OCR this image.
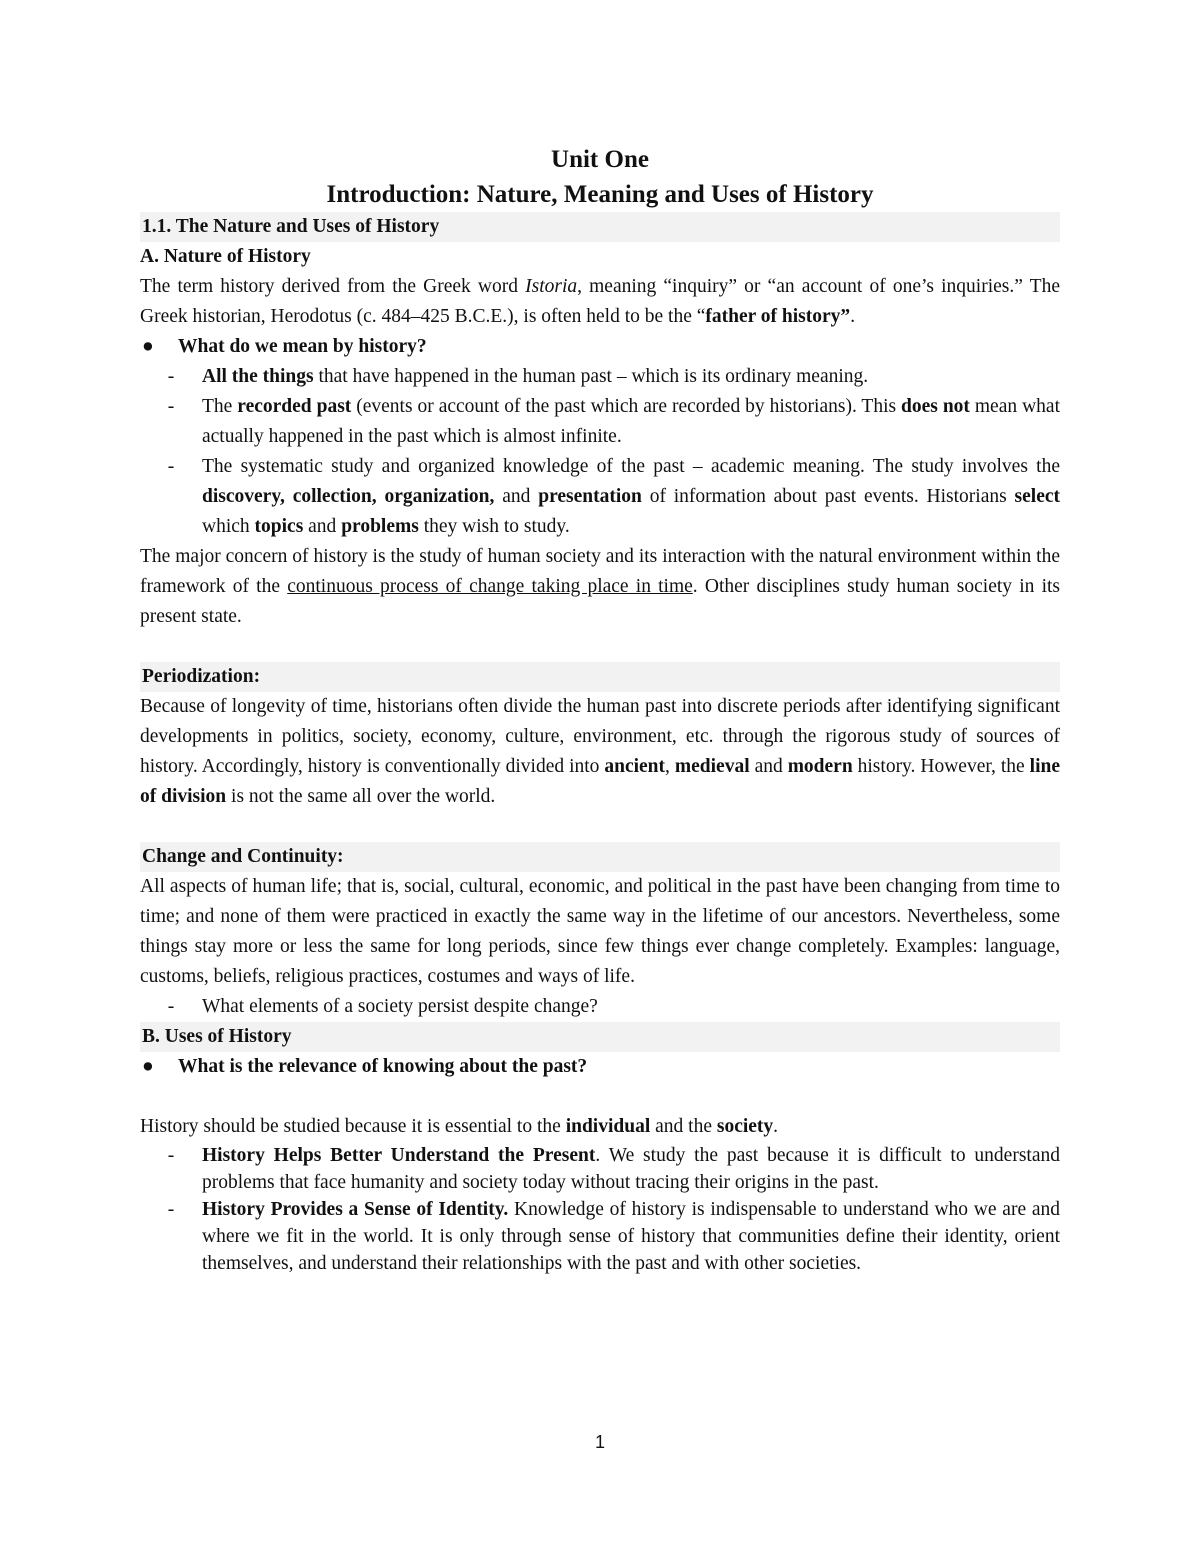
Unit One
Introduction: Nature, Meaning and Uses of History
1.1. The Nature and Uses of History
A. Nature of History

The term history derived from the Greek word Istoria, meaning “inquiry” or “an account of one’s inquiries.” The Greek historian, Herodotus (c. 484–425 B.C.E.), is often held to be the “father of history”.

●	What do we mean by history?
-	All the things that have happened in the human past – which is its ordinary meaning.
-	The recorded past (events or account of the past which are recorded by historians). This does not mean what actually happened in the past which is almost infinite.
-	The systematic study and organized knowledge of the past – academic meaning. The study involves the discovery, collection, organization, and presentation of information about past events. Historians select which topics and problems they wish to study.

The major concern of history is the study of human society and its interaction with the natural environment within the framework of the continuous process of change taking place in time. Other disciplines study human society in its present state.

Periodization:

Because of longevity of time, historians often divide the human past into discrete periods after identifying significant developments in politics, society, economy, culture, environment, etc. through the rigorous study of sources of history. Accordingly, history is conventionally divided into ancient, medieval and modern history. However, the line of division is not the same all over the world.

Change and Continuity:

All aspects of human life; that is, social, cultural, economic, and political in the past have been changing from time to time; and none of them were practiced in exactly the same way in the lifetime of our ancestors. Nevertheless, some things stay more or less the same for long periods, since few things ever change completely. Examples: language, customs, beliefs, religious practices, costumes and ways of life.

-	What elements of a society persist despite change?
B. Uses of History
●	What is the relevance of knowing about the past?

History should be studied because it is essential to the individual and the society.

-	History Helps Better Understand the Present. We study the past because it is difficult to understand problems that face humanity and society today without tracing their origins in the past.
-	History Provides a Sense of Identity. Knowledge of history is indispensable to understand who we are and where we fit in the world. It is only through sense of history that communities define their identity, orient themselves, and understand their relationships with the past and with other societies.
1
